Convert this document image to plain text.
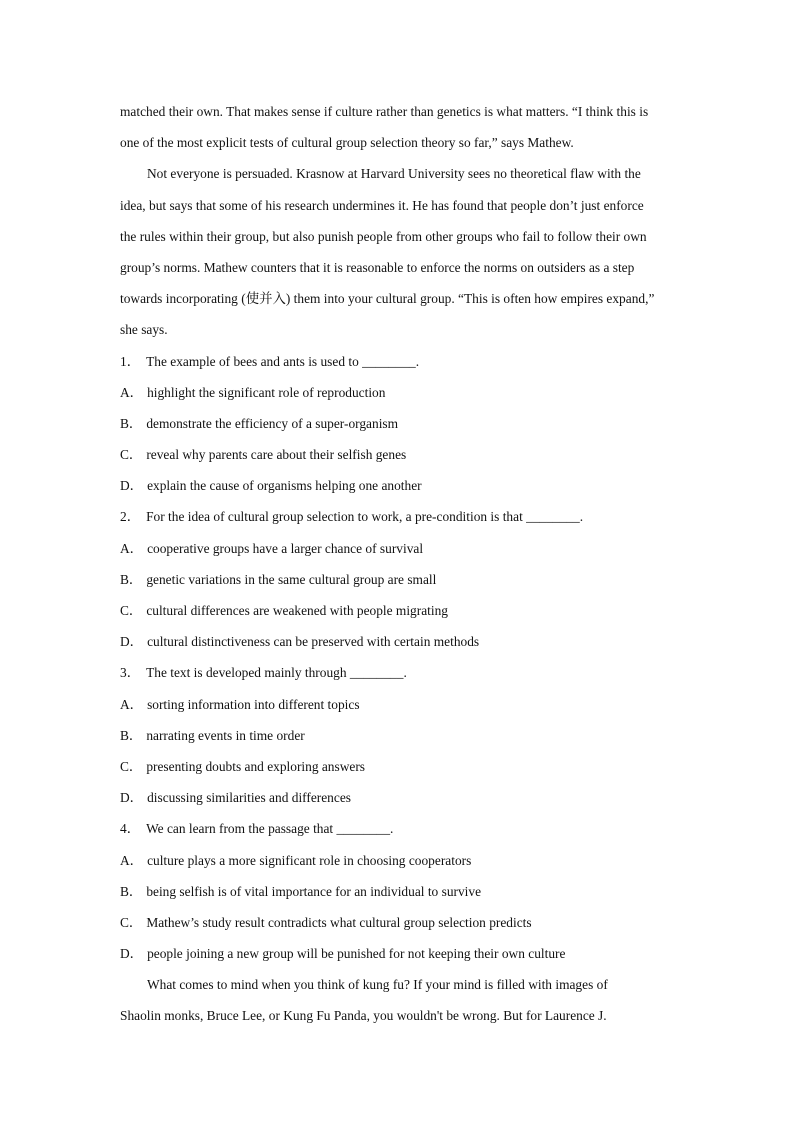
matched their own. That makes sense if culture rather than genetics is what matters. “I think this is
one of the most explicit tests of cultural group selection theory so far,” says Mathew.
Not everyone is persuaded. Krasnow at Harvard University sees no theoretical flaw with the
idea, but says that some of his research undermines it. He has found that people don’t just enforce
the rules within their group, but also punish people from other groups who fail to follow their own
group’s norms. Mathew counters that it is reasonable to enforce the norms on outsiders as a step
towards incorporating (使并入) them into your cultural group. “This is often how empires expand,”
she says.
1． The example of bees and ants is used to ________.
A． highlight the significant role of reproduction
B． demonstrate the efficiency of a super-organism
C． reveal why parents care about their selfish genes
D． explain the cause of organisms helping one another
2． For the idea of cultural group selection to work, a pre-condition is that ________.
A． cooperative groups have a larger chance of survival
B． genetic variations in the same cultural group are small
C． cultural differences are weakened with people migrating
D． cultural distinctiveness can be preserved with certain methods
3． The text is developed mainly through ________.
A． sorting information into different topics
B． narrating events in time order
C． presenting doubts and exploring answers
D． discussing similarities and differences
4． We can learn from the passage that ________.
A． culture plays a more significant role in choosing cooperators
B． being selfish is of vital importance for an individual to survive
C． Mathew’s study result contradicts what cultural group selection predicts
D． people joining a new group will be punished for not keeping their own culture
What comes to mind when you think of kung fu? If your mind is filled with images of
Shaolin monks, Bruce Lee, or Kung Fu Panda, you wouldn't be wrong. But for Laurence J.
